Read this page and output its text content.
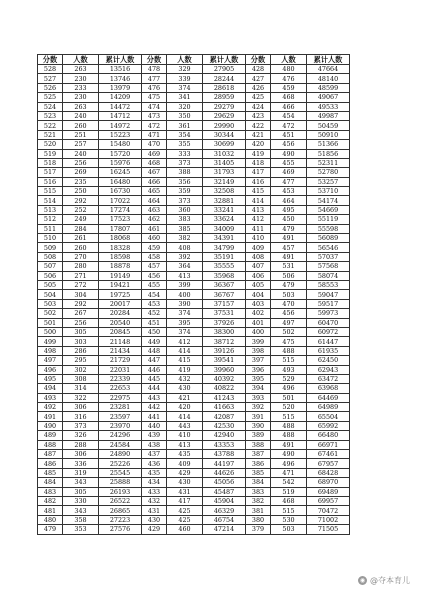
分数	人数	累计人数	分数	人数	累计人数	分数	人数	累计人数
528	263	13516	478	329	27905	428	480	47664
527	230	13746	477	339	28244	427	476	48140
526	233	13979	476	374	28618	426	459	48599
525	230	14209	475	341	28959	425	468	49067
524	263	14472	474	320	29279	424	466	49533
523	240	14712	473	350	29629	423	454	49987
522	260	14972	472	361	29990	422	472	50459
521	251	15223	471	354	30344	421	451	50910
520	257	15480	470	355	30699	420	456	51366
519	240	15720	469	333	31032	419	490	51856
518	256	15976	468	373	31405	418	455	52311
517	269	16245	467	388	31793	417	469	52780
516	235	16480	466	356	32149	416	477	53257
515	250	16730	465	359	32508	415	453	53710
514	292	17022	464	373	32881	414	464	54174
513	252	17274	463	360	33241	413	495	54669
512	249	17523	462	383	33624	412	450	55119
511	284	17807	461	385	34009	411	479	55598
510	261	18068	460	382	34391	410	491	56089
509	260	18328	459	408	34799	409	457	56546
508	270	18598	458	392	35191	408	491	57037
507	280	18878	457	364	35555	407	531	57568
506	271	19149	456	413	35968	406	506	58074
505	272	19421	455	399	36367	405	479	58553
504	304	19725	454	400	36767	404	503	59047
503	292	20017	453	390	37157	403	470	59517
502	267	20284	452	374	37531	402	456	59973
501	256	20540	451	395	37926	401	497	60470
500	305	20845	450	374	38300	400	502	60972
499	303	21148	449	412	38712	399	475	61447
498	286	21434	448	414	39126	398	488	61935
497	295	21729	447	415	39541	397	515	62450
496	302	22031	446	419	39960	396	493	62943
495	308	22339	445	432	40392	395	529	63472
494	314	22653	444	430	40822	394	496	63968
493	322	22975	443	421	41243	393	501	64469
492	306	23281	442	420	41663	392	520	64989
491	316	23597	441	414	42087	391	515	65504
490	373	23970	440	443	42530	390	488	65992
489	326	24296	439	410	42940	389	488	66480
488	288	24584	438	413	43353	388	491	66971
487	306	24890	437	435	43788	387	490	67461
486	336	25226	436	409	44197	386	496	67957
485	319	25545	435	429	44626	385	471	68428
484	343	25888	434	430	45056	384	542	68970
483	305	26193	433	431	45487	383	519	69489
482	330	26522	432	417	45904	382	468	69957
481	343	26865	431	425	46329	381	515	70472
480	358	27223	430	425	46754	380	530	71002
479	353	27576	429	460	47214	379	503	71505
◉ @夺本育儿
